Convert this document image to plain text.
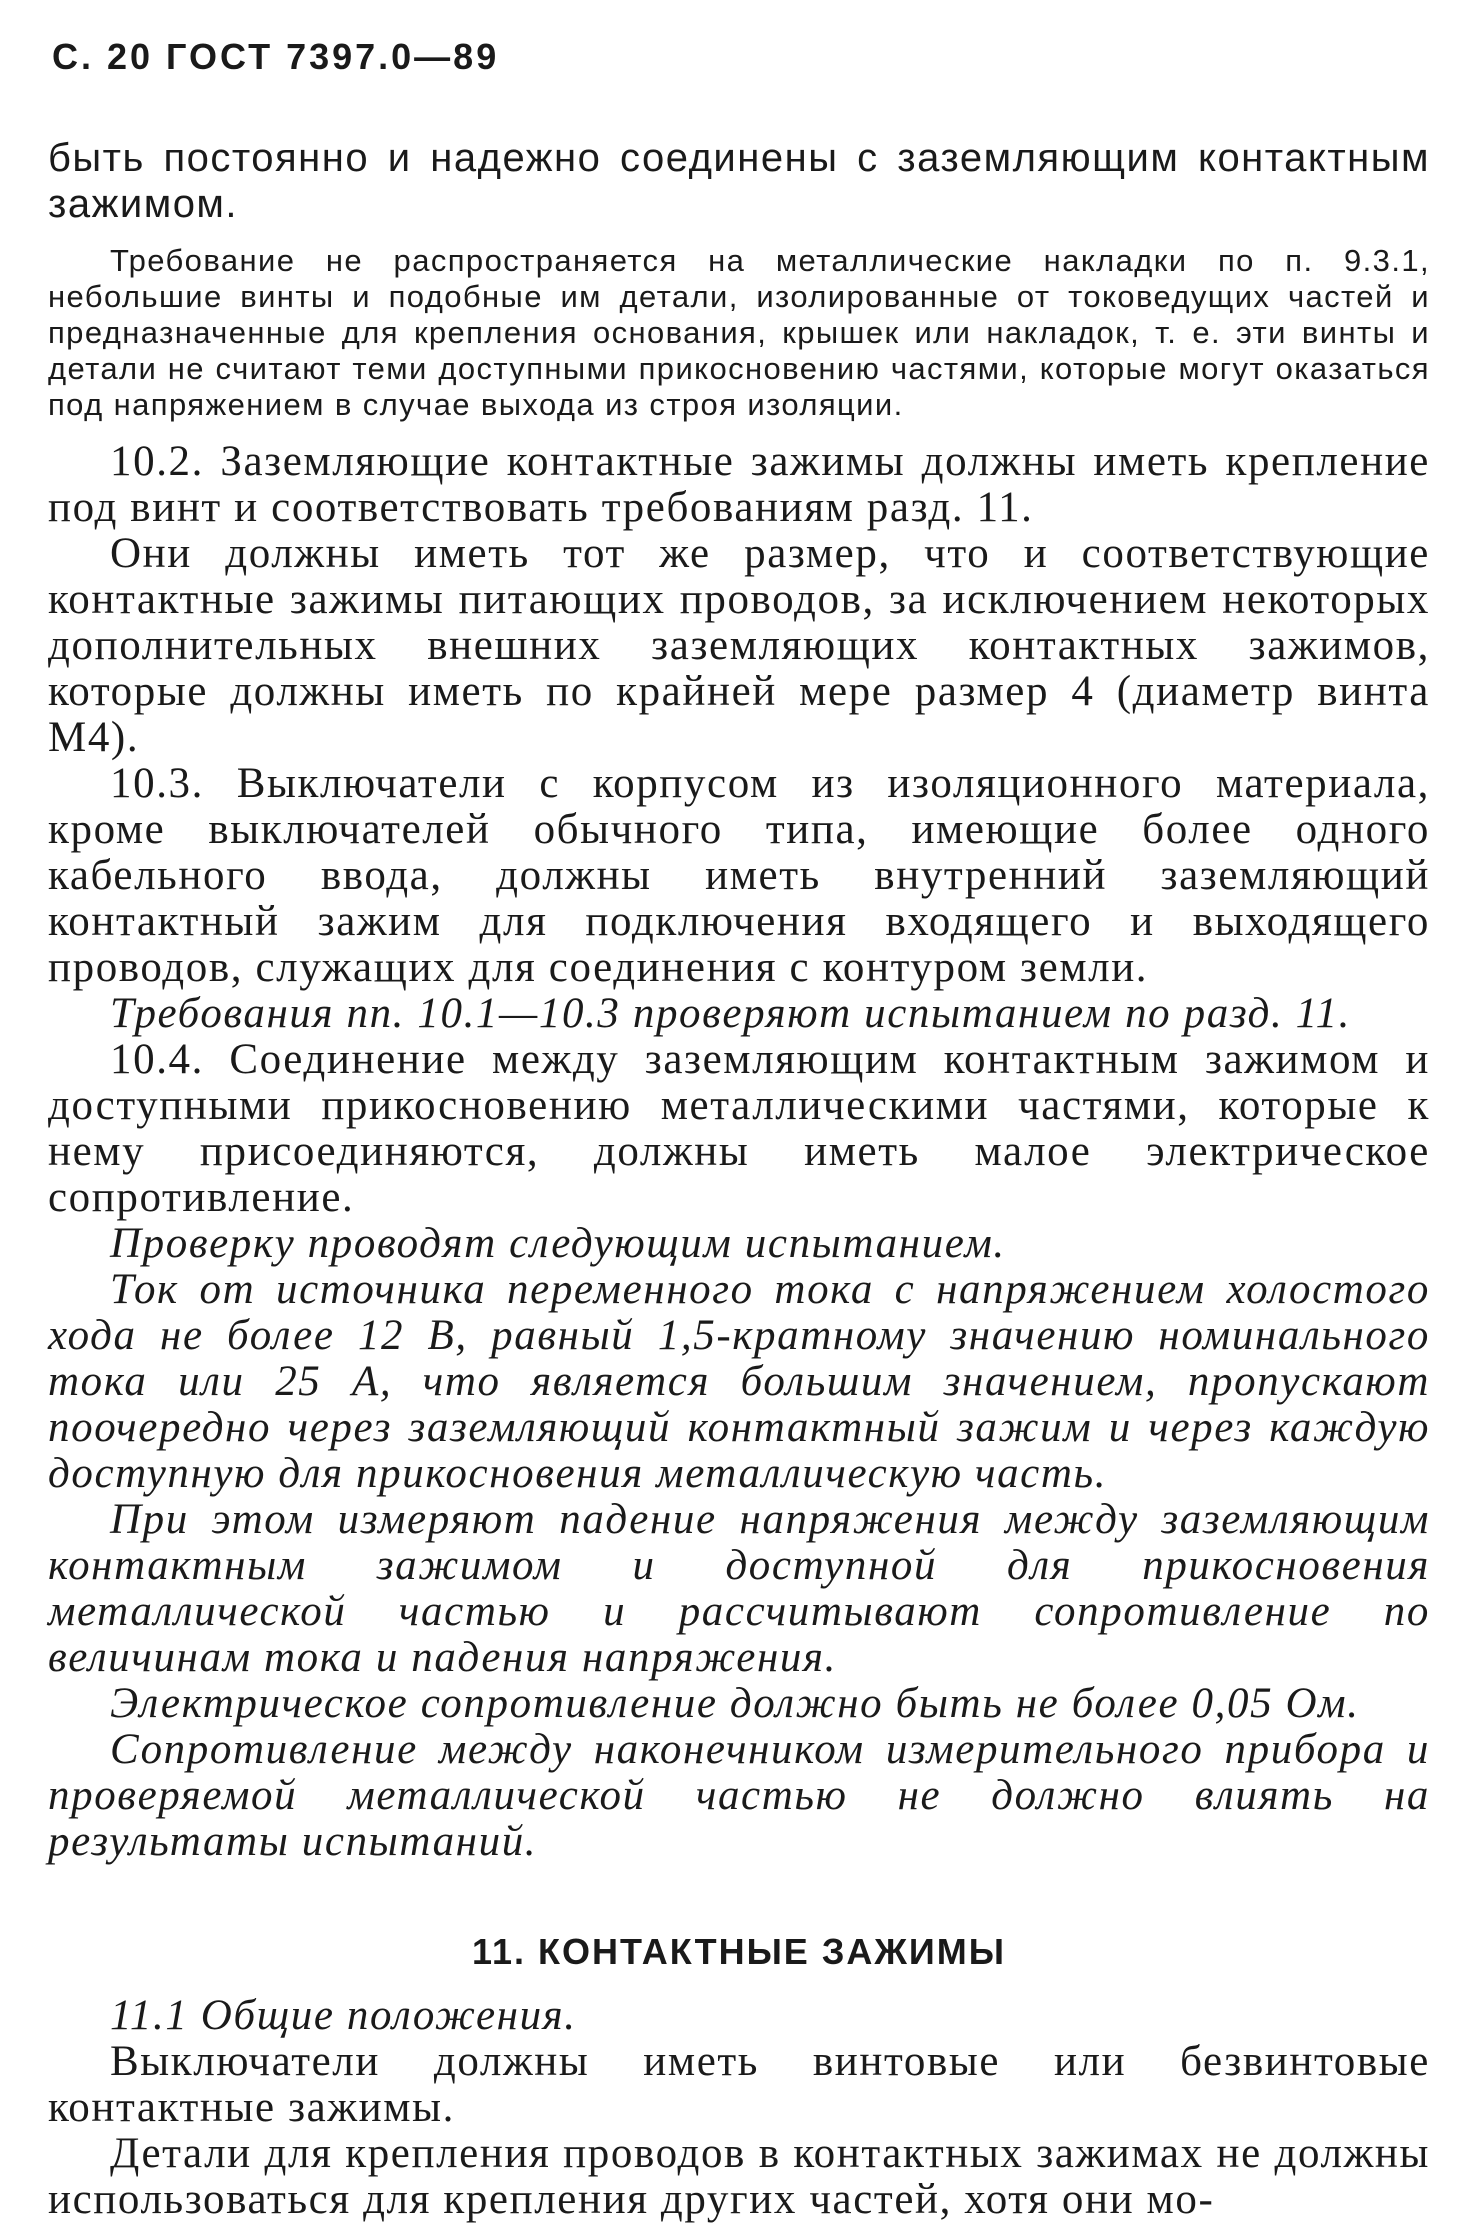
С. 20 ГОСТ 7397.0—89

быть постоянно и надежно соединены с заземляющим контактным зажимом.

Требование не распространяется на металлические накладки по п. 9.3.1, небольшие винты и подобные им детали, изолированные от токоведущих частей и предназначенные для крепления основания, крышек или накладок, т. е. эти винты и детали не считают теми доступными прикосновению частями, которые могут оказаться под напряжением в случае выхода из строя изоляции.

10.2. Заземляющие контактные зажимы должны иметь крепление под винт и соответствовать требованиям разд. 11.

Они должны иметь тот же размер, что и соответствующие контактные зажимы питающих проводов, за исключением некоторых дополнительных внешних заземляющих контактных зажимов, которые должны иметь по крайней мере размер 4 (диаметр винта М4).

10.3. Выключатели с корпусом из изоляционного материала, кроме выключателей обычного типа, имеющие более одного кабельного ввода, должны иметь внутренний заземляющий контактный зажим для подключения входящего и выходящего проводов, служащих для соединения с контуром земли.

Требования пп. 10.1—10.3 проверяют испытанием по разд. 11.

10.4. Соединение между заземляющим контактным зажимом и доступными прикосновению металлическими частями, которые к нему присоединяются, должны иметь малое электрическое сопротивление.

Проверку проводят следующим испытанием.

Ток от источника переменного тока с напряжением холостого хода не более 12 В, равный 1,5-кратному значению номинального тока или 25 А, что является большим значением, пропускают поочередно через заземляющий контактный зажим и через каждую доступную для прикосновения металлическую часть.

При этом измеряют падение напряжения между заземляющим контактным зажимом и доступной для прикосновения металлической частью и рассчитывают сопротивление по величинам тока и падения напряжения.

Электрическое сопротивление должно быть не более 0,05 Ом.

Сопротивление между наконечником измерительного прибора и проверяемой металлической частью не должно влиять на результаты испытаний.

11. КОНТАКТНЫЕ ЗАЖИМЫ

11.1 Общие положения.

Выключатели должны иметь винтовые или безвинтовые контактные зажимы.

Детали для крепления проводов в контактных зажимах не должны использоваться для крепления других частей, хотя они мо-
